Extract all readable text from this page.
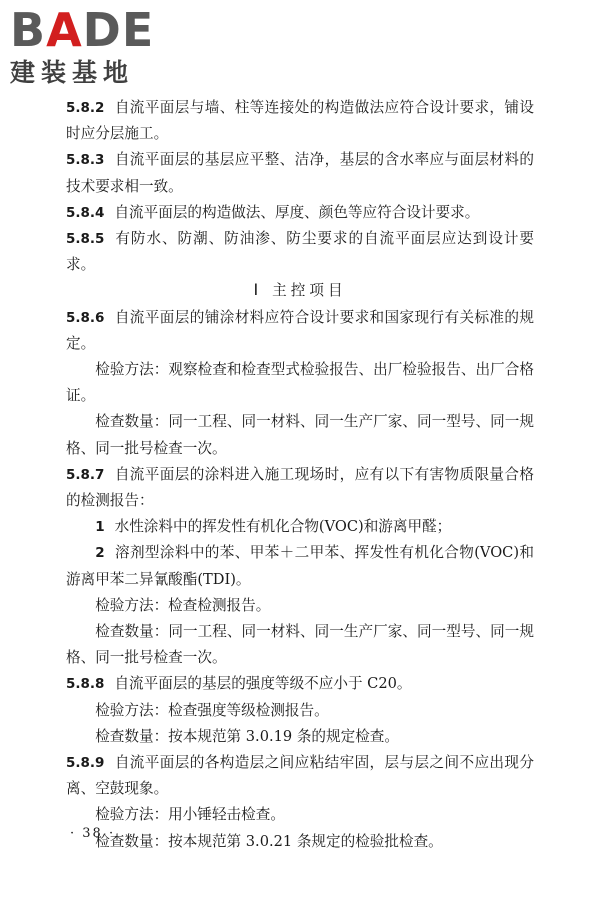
BADE
建装基地

5.8.2 自流平面层与墙、柱等连接处的构造做法应符合设计要求，铺设时应分层施工。

5.8.3 自流平面层的基层应平整、洁净，基层的含水率应与面层材料的技术要求相一致。

5.8.4 自流平面层的构造做法、厚度、颜色等应符合设计要求。

5.8.5 有防水、防潮、防油渗、防尘要求的自流平面层应达到设计要求。

Ⅰ 主控项目

5.8.6 自流平面层的铺涂材料应符合设计要求和国家现行有关标准的规定。

检验方法：观察检查和检查型式检验报告、出厂检验报告、出厂合格证。

检查数量：同一工程、同一材料、同一生产厂家、同一型号、同一规格、同一批号检查一次。

5.8.7 自流平面层的涂料进入施工现场时，应有以下有害物质限量合格的检测报告：

1 水性涂料中的挥发性有机化合物(VOC)和游离甲醛；

2 溶剂型涂料中的苯、甲苯＋二甲苯、挥发性有机化合物(VOC)和游离甲苯二异氰酸酯(TDI)。

检验方法：检查检测报告。

检查数量：同一工程、同一材料、同一生产厂家、同一型号、同一规格、同一批号检查一次。

5.8.8 自流平面层的基层的强度等级不应小于 C20。

检验方法：检查强度等级检测报告。

检查数量：按本规范第 3.0.19 条的规定检查。

5.8.9 自流平面层的各构造层之间应粘结牢固，层与层之间不应出现分离、空鼓现象。

检验方法：用小锤轻击检查。

检查数量：按本规范第 3.0.21 条规定的检验批检查。

· 38 ·
